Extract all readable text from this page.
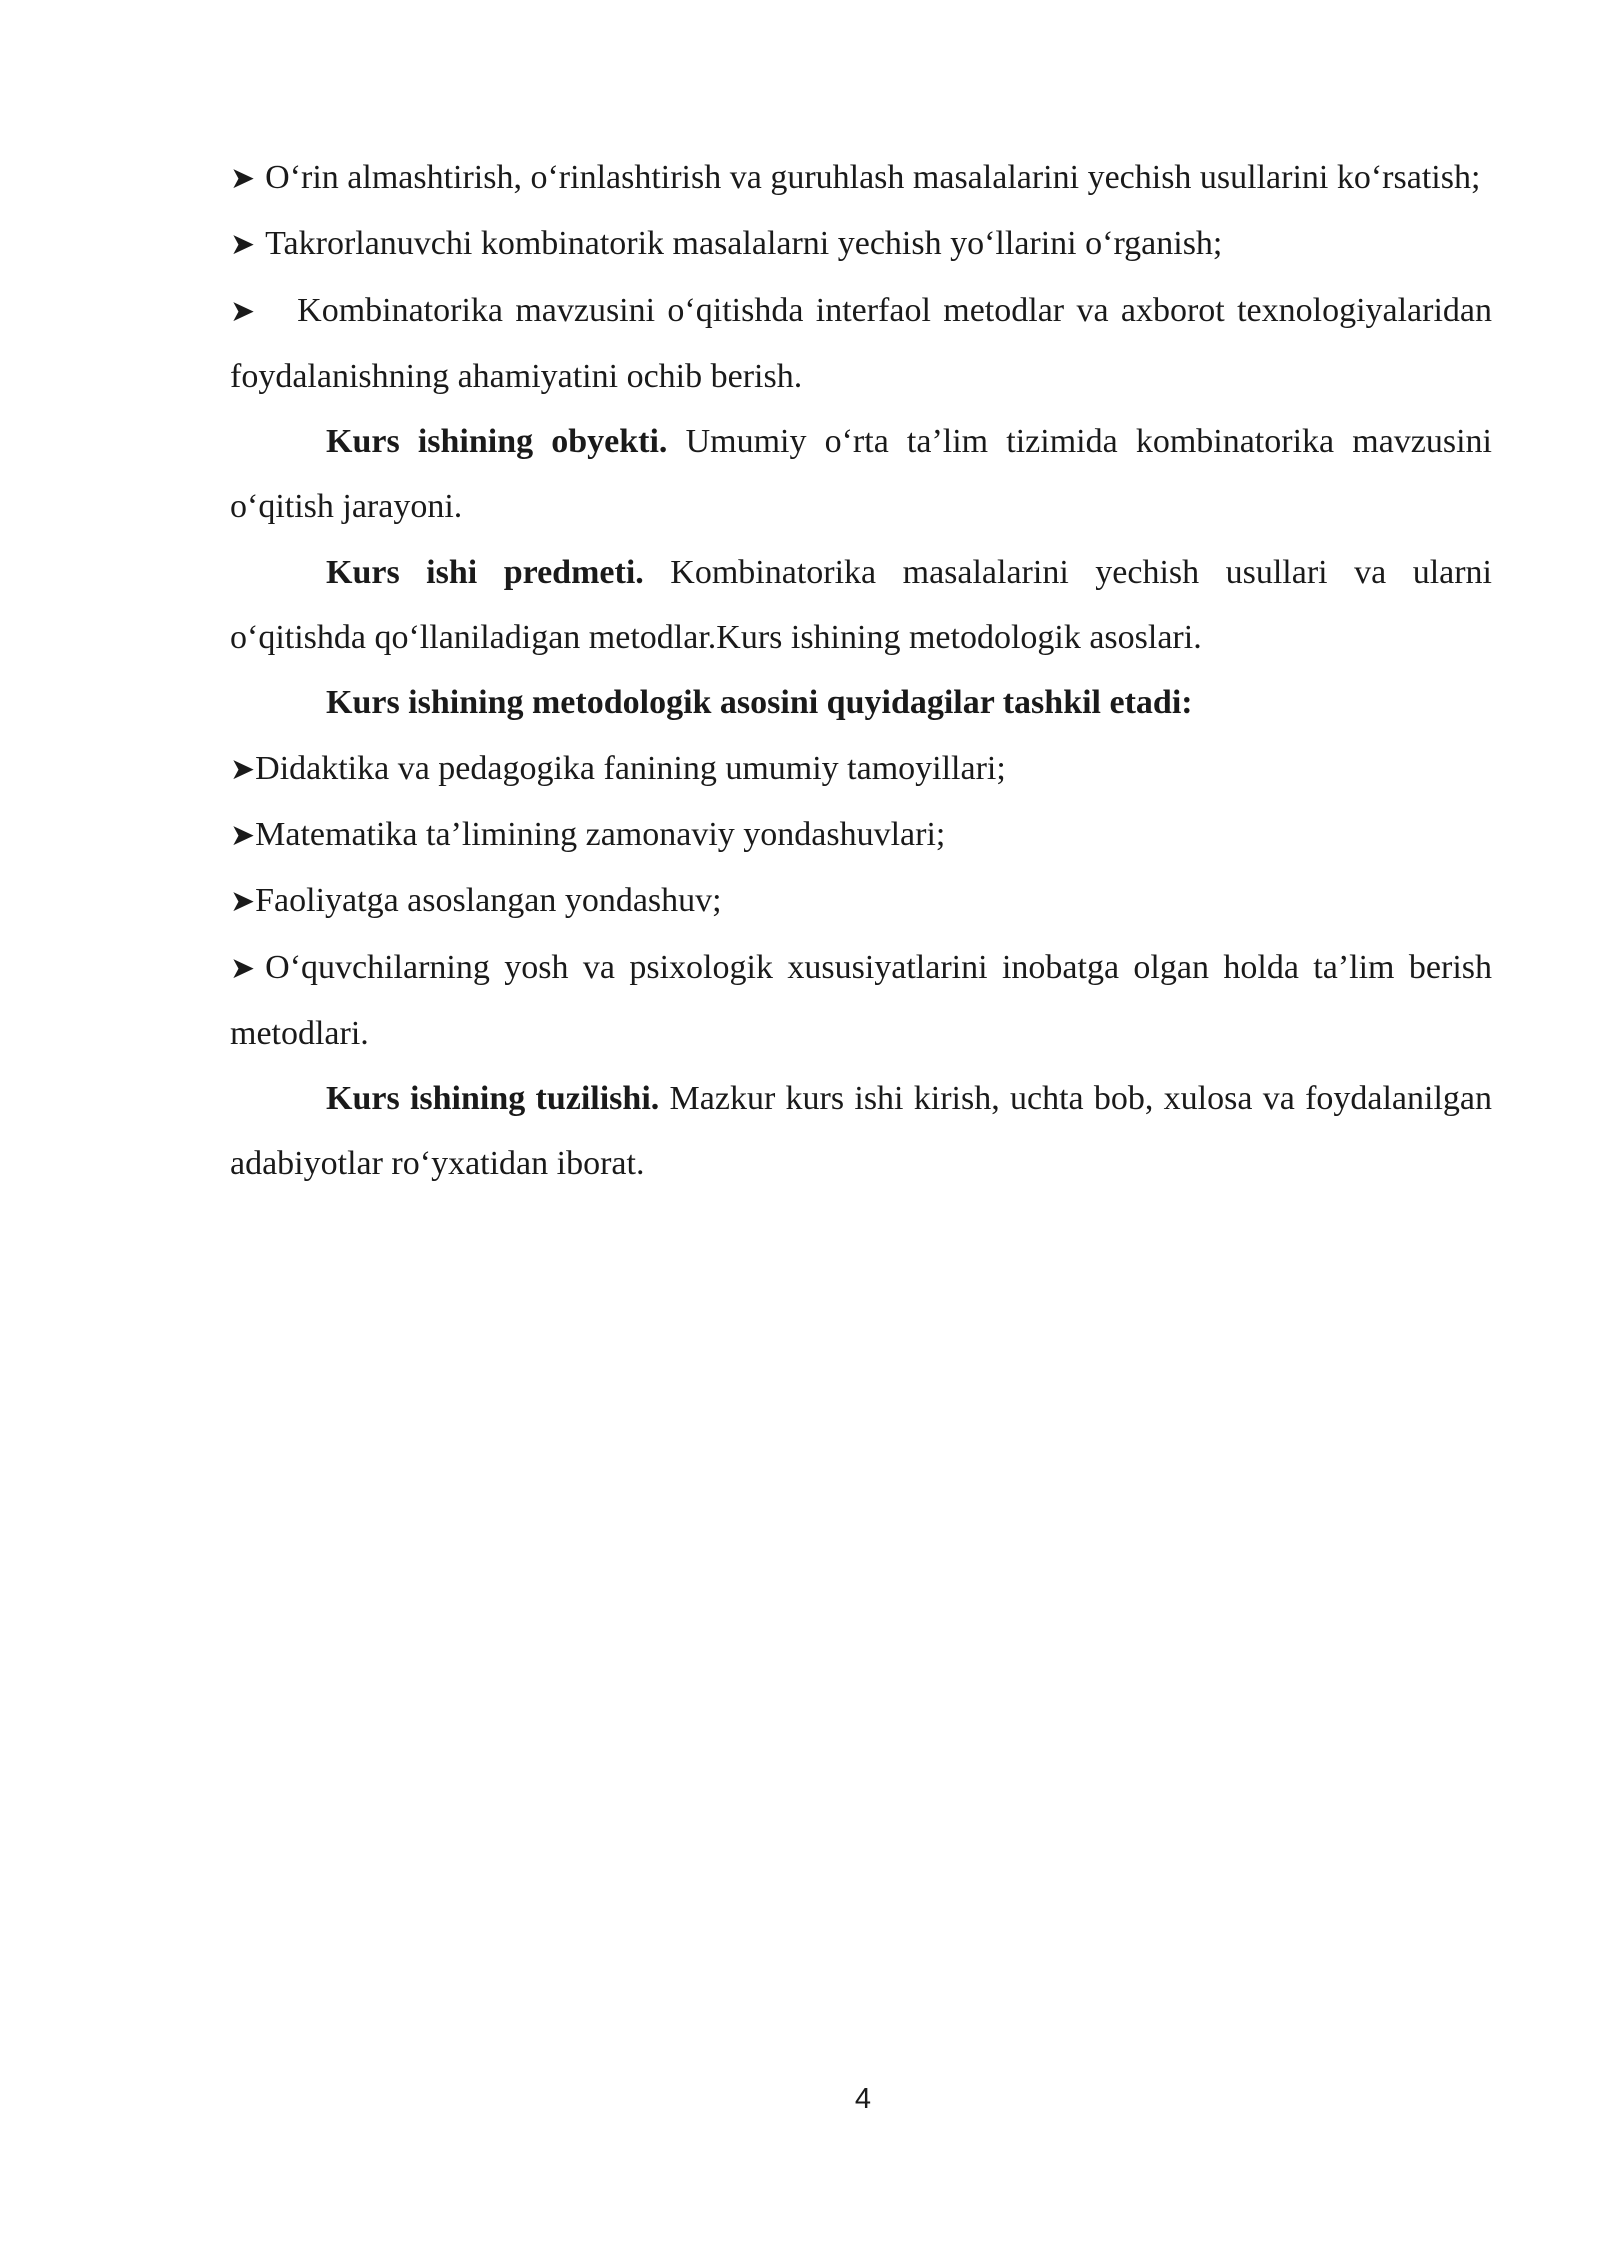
➤ O‘rin almashtirish, o‘rinlashtirish va guruhlash masalalarini yechish usullarini ko‘rsatish;

➤ Takrorlanuvchi kombinatorik masalalarni yechish yo‘llarini o‘rganish;

➤ Kombinatorika mavzusini o‘qitishda interfaol metodlar va axborot texnologiyalaridan foydalanishning ahamiyatini ochib berish.

Kurs ishining obyekti. Umumiy o‘rta ta’lim tizimida kombinatorika mavzusini o‘qitish jarayoni.

Kurs ishi predmeti. Kombinatorika masalalarini yechish usullari va ularni o‘qitishda qo‘llaniladigan metodlar.Kurs ishining metodologik asoslari.

Kurs ishining metodologik asosini quyidagilar tashkil etadi:

➤Didaktika va pedagogika fanining umumiy tamoyillari;

➤Matematika ta’limining zamonaviy yondashuvlari;

➤Faoliyatga asoslangan yondashuv;

➤ O‘quvchilarning yosh va psixologik xususiyatlarini inobatga olgan holda ta’lim berish metodlari.

Kurs ishining tuzilishi. Mazkur kurs ishi kirish, uchta bob, xulosa va foydalanilgan adabiyotlar ro‘yxatidan iborat.

4
